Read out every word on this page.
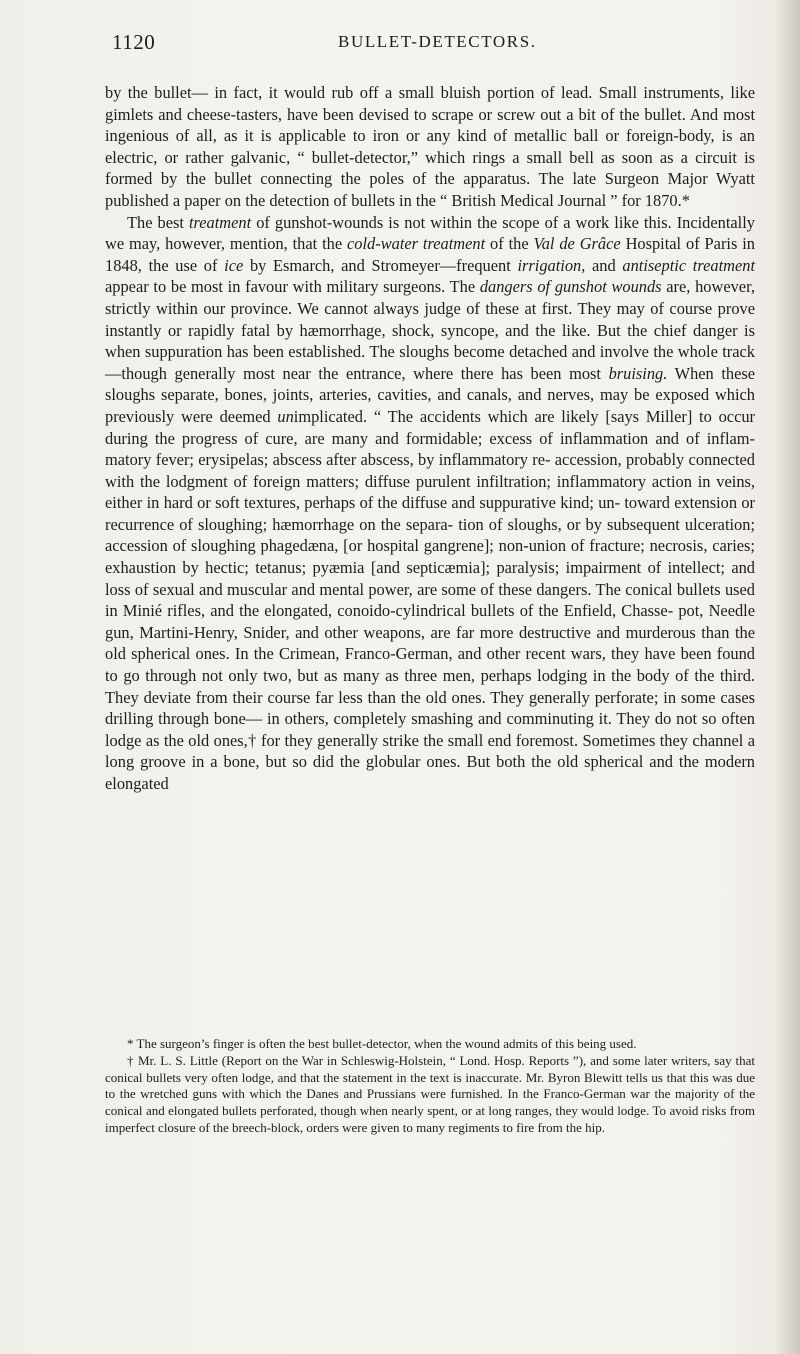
1120	BULLET-DETECTORS.

by the bullet— in fact, it would rub off a small bluish portion of lead. Small instruments, like gimlets and cheese-tasters, have been devised to scrape or screw out a bit of the bullet. And most ingenious of all, as it is applicable to iron or any kind of metallic ball or foreign-body, is an electric, or rather galvanic, “ bullet-detector,” which rings a small bell as soon as a circuit is formed by the bullet connecting the poles of the apparatus. The late Surgeon Major Wyatt published a paper on the detection of bullets in the “ British Medical Journal ” for 1870.*

The best treatment of gunshot-wounds is not within the scope of a work like this. Incidentally we may, however, mention, that the cold-water treatment of the Val de Grâce Hospital of Paris in 1848, the use of ice by Esmarch, and Stromeyer—frequent irrigation, and antiseptic treatment appear to be most in favour with military surgeons. The dangers of gunshot wounds are, however, strictly within our province. We cannot always judge of these at first. They may of course prove instantly or rapidly fatal by hæmorrhage, shock, syncope, and the like. But the chief danger is when suppuration has been established. The sloughs become detached and involve the whole track—though generally most near the entrance, where there has been most bruising. When these sloughs separate, bones, joints, arteries, cavities, and canals, and nerves, may be exposed which previously were deemed unimplicated. “ The accidents which are likely [says Miller] to occur during the progress of cure, are many and formidable; excess of inflammation and of inflam- matory fever; erysipelas; abscess after abscess, by inflammatory re- accession, probably connected with the lodgment of foreign matters; diffuse purulent infiltration; inflammatory action in veins, either in hard or soft textures, perhaps of the diffuse and suppurative kind; un- toward extension or recurrence of sloughing; hæmorrhage on the separa- tion of sloughs, or by subsequent ulceration; accession of sloughing phagedæna, [or hospital gangrene]; non-union of fracture; necrosis, caries; exhaustion by hectic; tetanus; pyæmia [and septicæmia]; paralysis; impairment of intellect; and loss of sexual and muscular and mental power, are some of these dangers. The conical bullets used in Minié rifles, and the elongated, conoido-cylindrical bullets of the Enfield, Chasse- pot, Needle gun, Martini-Henry, Snider, and other weapons, are far more destructive and murderous than the old spherical ones. In the Crimean, Franco-German, and other recent wars, they have been found to go through not only two, but as many as three men, perhaps lodging in the body of the third. They deviate from their course far less than the old ones. They generally perforate; in some cases drilling through bone— in others, completely smashing and comminuting it. They do not so often lodge as the old ones,† for they generally strike the small end foremost. Sometimes they channel a long groove in a bone, but so did the globular ones. But both the old spherical and the modern elongated

* The surgeon’s finger is often the best bullet-detector, when the wound admits of this being used.

† Mr. L. S. Little (Report on the War in Schleswig-Holstein, “ Lond. Hosp. Reports ”), and some later writers, say that conical bullets very often lodge, and that the statement in the text is inaccurate. Mr. Byron Blewitt tells us that this was due to the wretched guns with which the Danes and Prussians were furnished. In the Franco-German war the majority of the conical and elongated bullets perforated, though when nearly spent, or at long ranges, they would lodge. To avoid risks from imperfect closure of the breech-block, orders were given to many regiments to fire from the hip.
